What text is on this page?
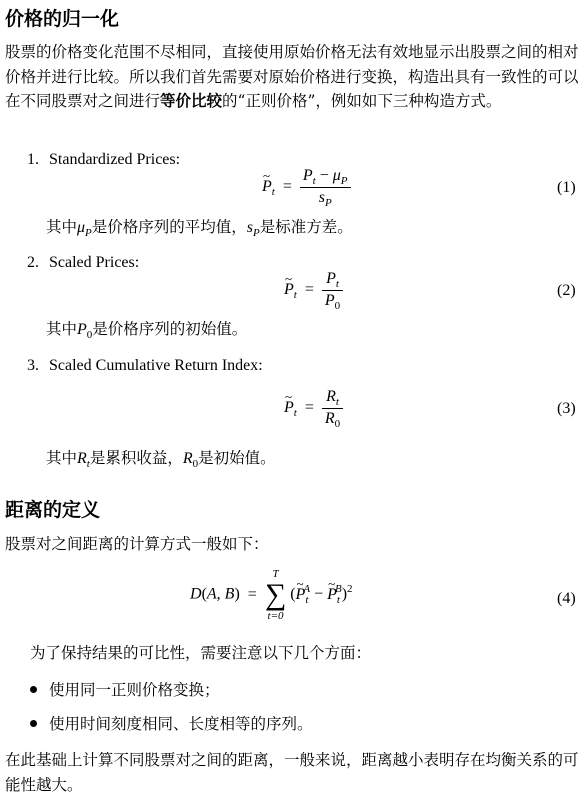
价格的归一化
股票的价格变化范围不尽相同，直接使用原始价格无法有效地显示出股票之间的相对价格并进行比较。所以我们首先需要对原始价格进行变换，构造出具有一致性的可以在不同股票对之间进行等价比较的“正则价格”，例如如下三种构造方式。
1. Standardized Prices:
P $\sim_t = \frac{P_t - \mu_P}{s_P}$	(1)
其中$\mu_P$是价格序列的平均值，$s_P$是标准方差。
2. Scaled Prices:
P $\sim_t = \frac{P_t}{P_0}$	(2)
其中$P_0$是价格序列的初始值。
3. Scaled Cumulative Return Index:
P $\sim_t = \frac{R_t}{R_0}$	(3)
其中$R_t$是累积收益，$R_0$是初始值。
距离的定义
股票对之间距离的计算方式一般如下：
D(A, B) =
T
∑
t=0
(P $\sim_t^A - P$ $\sim_t^B)^2$
(4)
为了保持结果的可比性，需要注意以下几个方面：
使用同一正则价格变换；
使用时间刻度相同、长度相等的序列。
在此基础上计算不同股票对之间的距离，一般来说，距离越小表明存在均衡关系的可能性越大。
